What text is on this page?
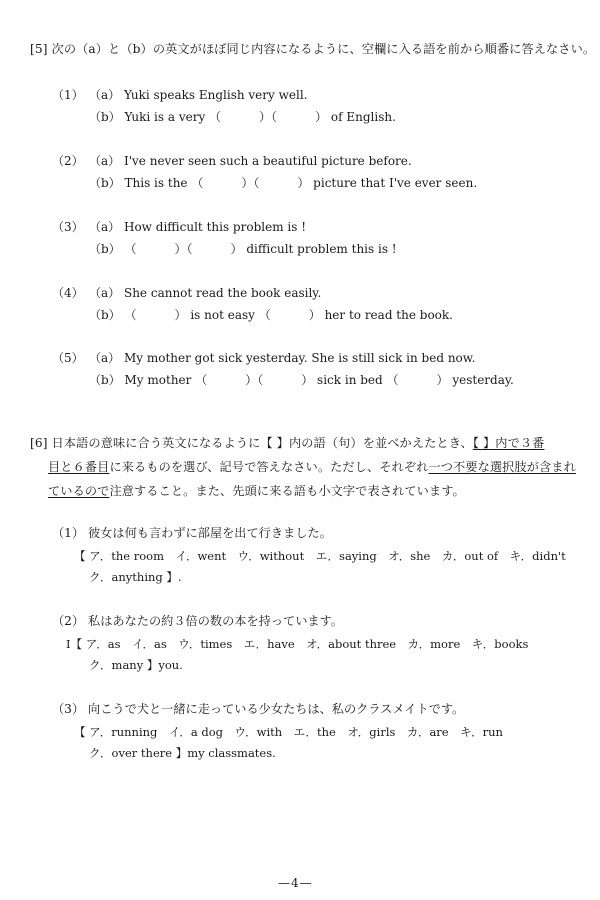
[5] 次の（a）と（b）の英文がほぼ同じ内容になるように、空欄に入る語を前から順番に答えなさい。
（1） （a） Yuki speaks English very well.
（b） Yuki is a very （	）（	） of English.
（2） （a） I've never seen such a beautiful picture before.
（b） This is the （	）（	） picture that I've ever seen.
（3） （a） How difficult this problem is !
（b） （	）（	） difficult problem this is !
（4） （a） She cannot read the book easily.
（b） （	） is not easy （	） her to read the book.
（5） （a） My mother got sick yesterday. She is still sick in bed now.
（b） My mother （	）（	） sick in bed （	） yesterday.
[6] 日本語の意味に合う英文になるように【 】内の語（句）を並べかえたとき、【 】内で３番
目と６番目に来るものを選び、記号で答えなさい。ただし、それぞれ一つ不要な選択肢が含まれ
ているので注意すること。また、先頭に来る語も小文字で表されています。
（1） 彼女は何も言わずに部屋を出て行きました。
【 ア．the room　イ．went　ウ．without　エ．saying　オ．she　カ．out of　キ．didn't
ク．anything 】.
（2） 私はあなたの約３倍の数の本を持っています。
I【 ア．as　イ．as　ウ．times　エ．have　オ．about three　カ．more　キ．books
ク．many 】you.
（3） 向こうで犬と一緒に走っている少女たちは、私のクラスメイトです。
【 ア．running　イ．a dog　ウ．with　エ．the　オ．girls　カ．are　キ．run
ク．over there 】my classmates.
—4—
